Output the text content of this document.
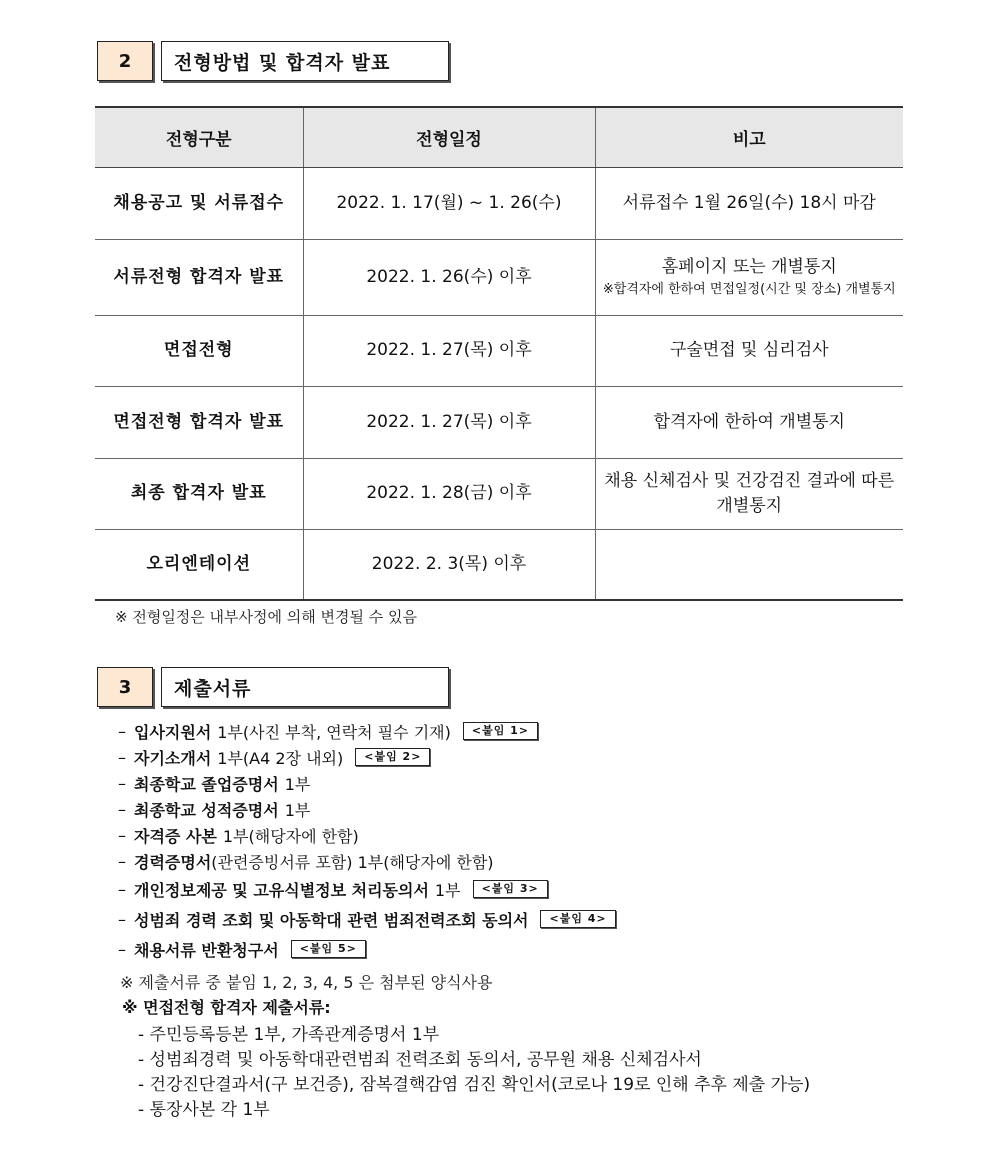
2	전형방법 및 합격자 발표
전형구분	전형일정	비고
채용공고 및 서류접수	2022. 1. 17(월) ~ 1. 26(수)	서류접수 1월 26일(수) 18시 마감
서류전형 합격자 발표	2022. 1. 26(수) 이후	홈페이지 또는 개별통지
※합격자에 한하여 면접일정(시간 및 장소) 개별통지

면접전형	2022. 1. 27(목) 이후	구술면접 및 심리검사
면접전형 합격자 발표	2022. 1. 27(목) 이후	합격자에 한하여 개별통지
최종 합격자 발표	2022. 1. 28(금) 이후	채용 신체검사 및 건강검진 결과에 따른 개별통지
오리엔테이션	2022. 2. 3(목) 이후	
※ 전형일정은 내부사정에 의해 변경될 수 있음
3	제출서류
– 입사지원서 1부(사진 부착, 연락처 필수 기재)	<붙임 1>
– 자기소개서 1부(A4 2장 내외)	<붙임 2>
– 최종학교 졸업증명서 1부
– 최종학교 성적증명서 1부
– 자격증 사본 1부(해당자에 한함)
– 경력증명서 (관련증빙서류 포함) 1부(해당자에 한함)
– 개인정보제공 및 고유식별정보 처리동의서 1부	<붙임 3>
– 성범죄 경력 조회 및 아동학대 관련 범죄전력조회 동의서	<붙임 4>
– 채용서류 반환청구서	<붙임 5>
※ 제출서류 중 붙임 1, 2, 3, 4, 5 은 첨부된 양식사용
※ 면접전형 합격자 제출서류:
- 주민등록등본 1부, 가족관계증명서 1부
- 성범죄경력 및 아동학대관련범죄 전력조회 동의서, 공무원 채용 신체검사서
- 건강진단결과서(구 보건증), 잠복결핵감염 검진 확인서(코로나 19로 인해 추후 제출 가능)
- 통장사본 각 1부
